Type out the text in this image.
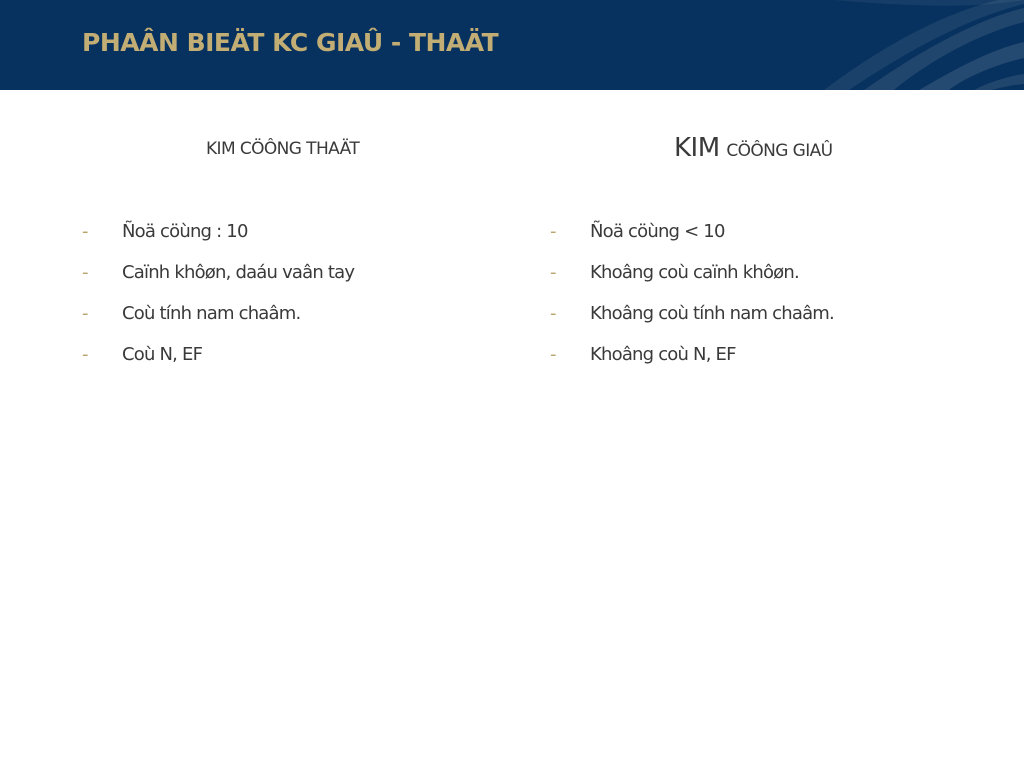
PHAÂN BIEÄT KC GIAÛ - THAÄT
KIM CÖÔNG THAÄT	KIM CÖÔNG GIAÛ
- Ñoä cöùng : 10
- Caïnh khôøn, daáu vaân tay
- Coù tính nam chaâm.
- Coù N, EF
- Ñoä cöùng < 10
- Khoâng coù caïnh khôøn.
- Khoâng coù tính nam chaâm.
- Khoâng coù N, EF
